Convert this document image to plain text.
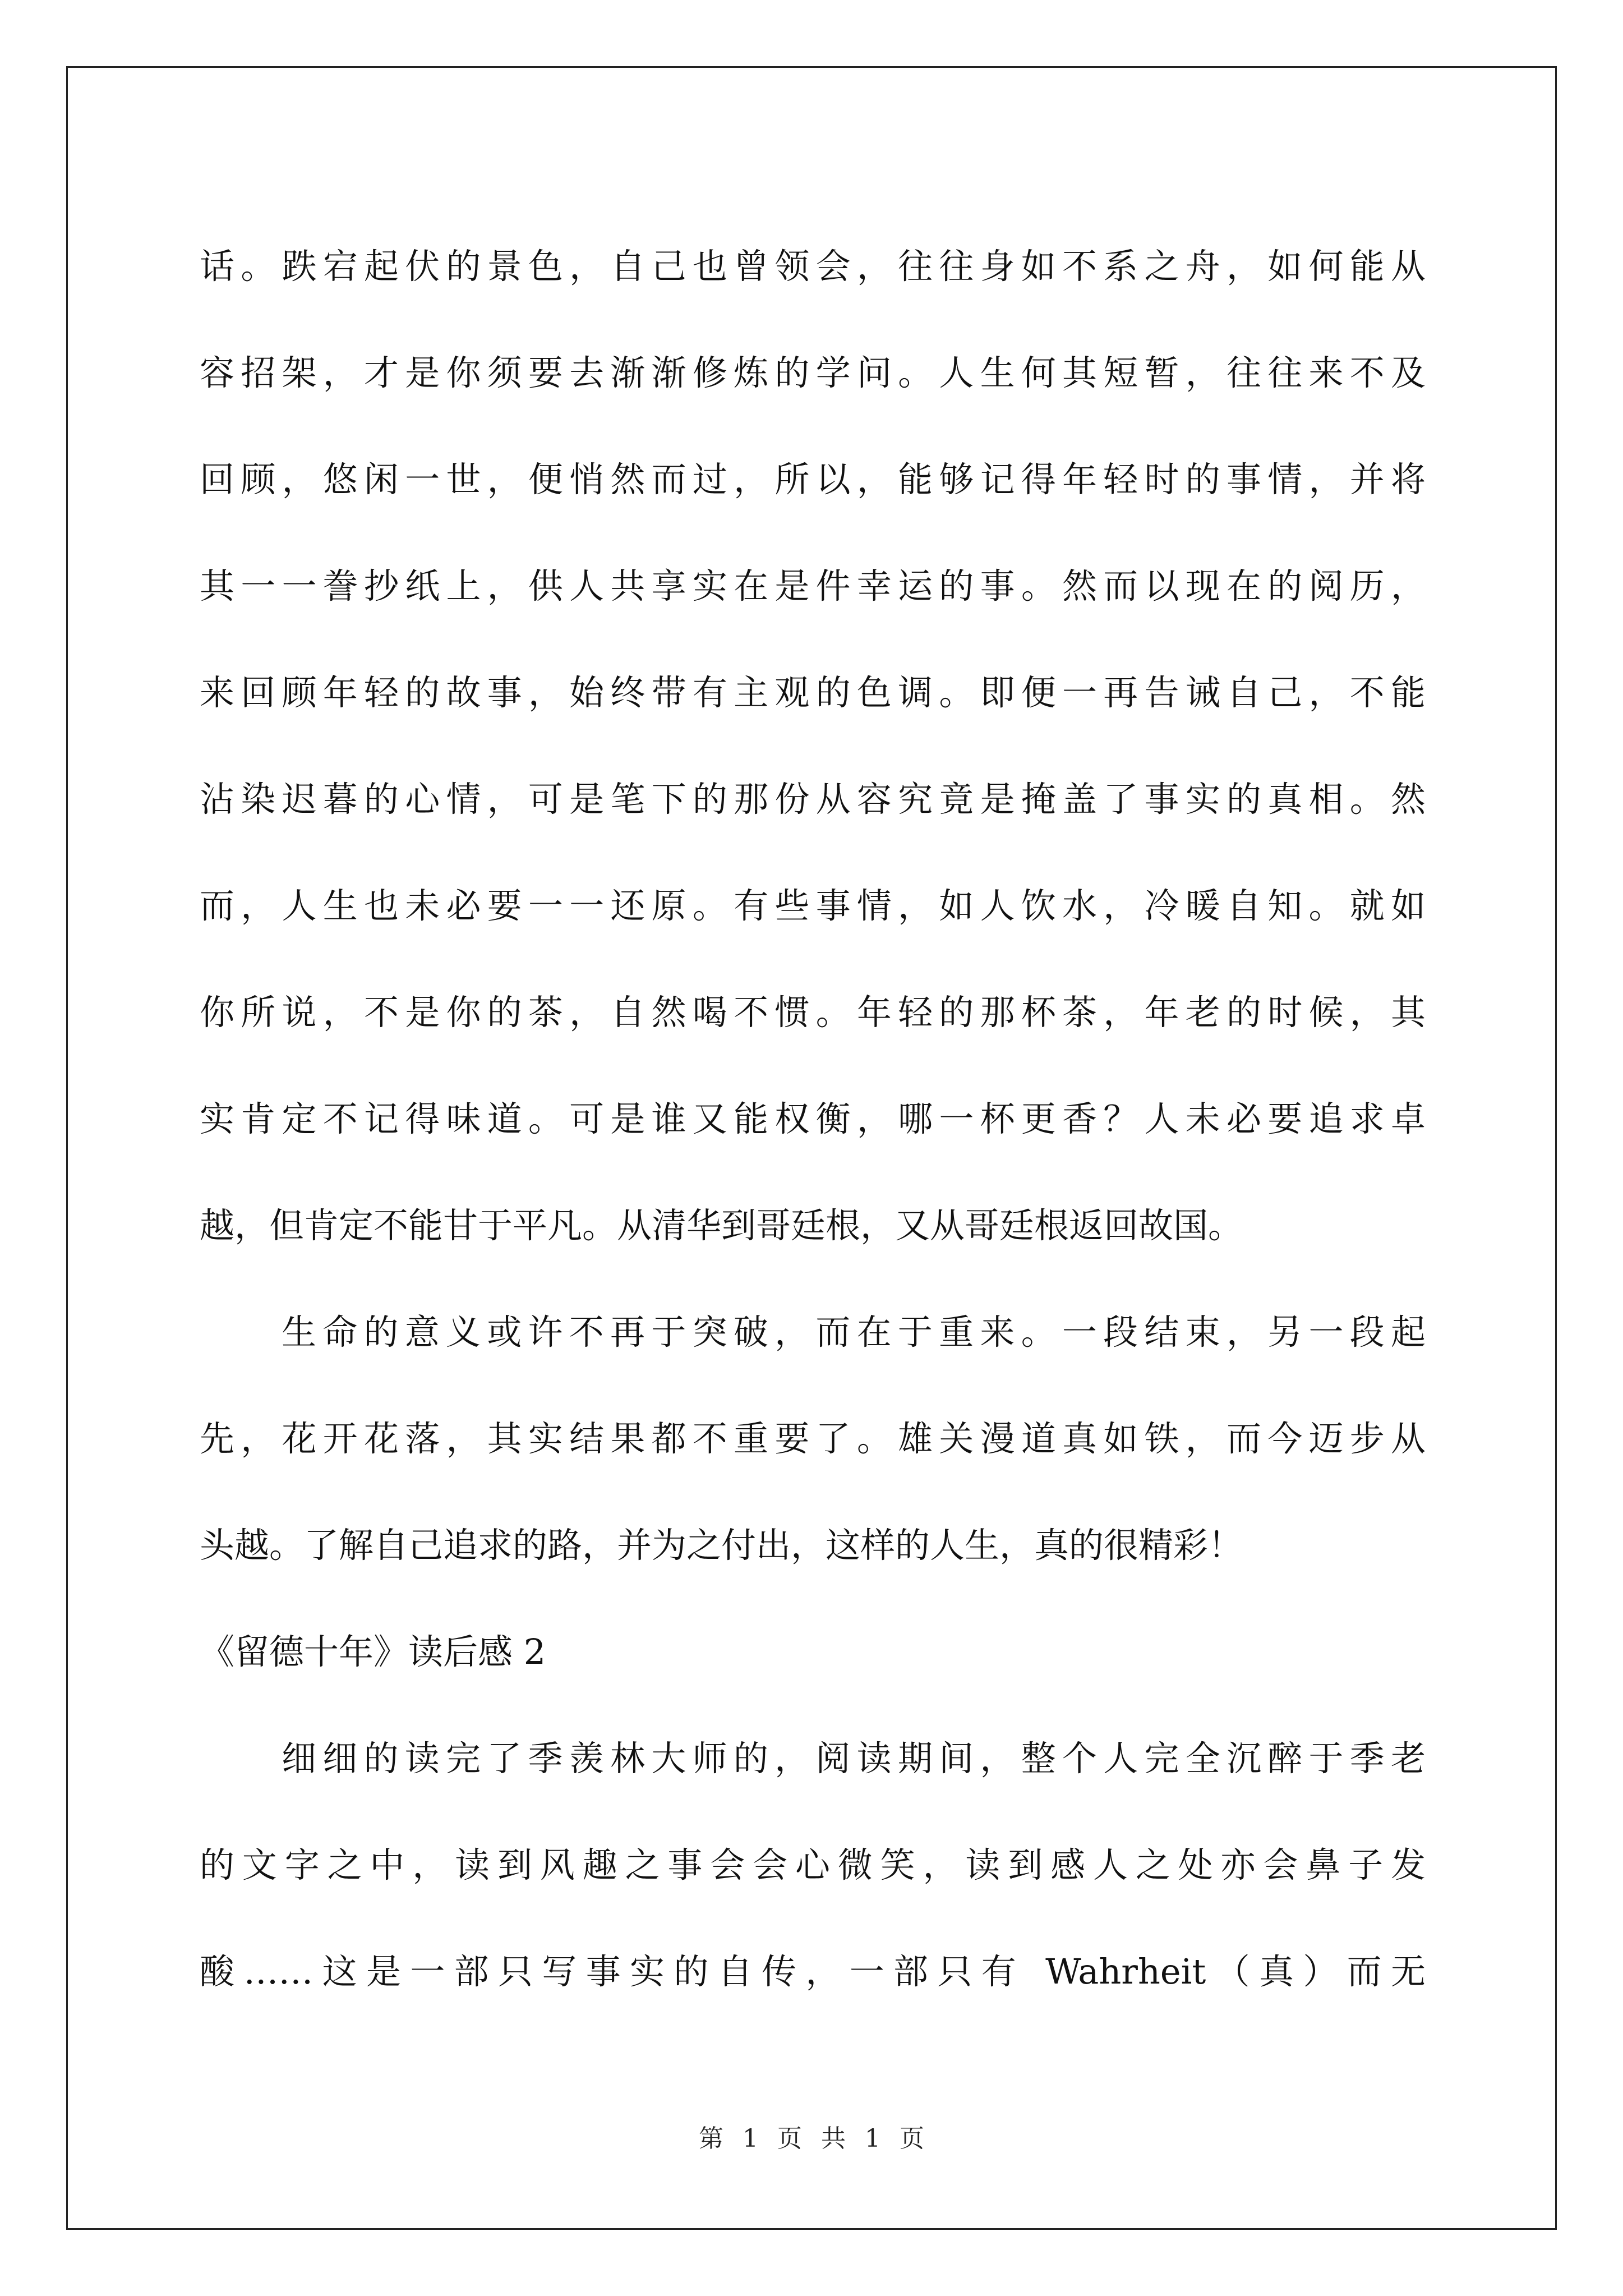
话。跌宕起伏的景色，自己也曾领会，往往身如不系之舟，如何能从
容招架，才是你须要去渐渐修炼的学问。人生何其短暂，往往来不及
回顾，悠闲一世，便悄然而过，所以，能够记得年轻时的事情，并将
其一一誊抄纸上，供人共享实在是件幸运的事。然而以现在的阅历，
来回顾年轻的故事，始终带有主观的色调。即便一再告诫自己，不能
沾染迟暮的心情，可是笔下的那份从容究竟是掩盖了事实的真相。然
而，人生也未必要一一还原。有些事情，如人饮水，冷暖自知。就如
你所说，不是你的茶，自然喝不惯。年轻的那杯茶，年老的时候，其
实肯定不记得味道。可是谁又能权衡，哪一杯更香？人未必要追求卓
越，但肯定不能甘于平凡。从清华到哥廷根，又从哥廷根返回故国。
生命的意义或许不再于突破，而在于重来。一段结束，另一段起
先，花开花落，其实结果都不重要了。雄关漫道真如铁，而今迈步从
头越。了解自己追求的路，并为之付出，这样的人生，真的很精彩！
《留德十年》读后感 2
细细的读完了季羡林大师的，阅读期间，整个人完全沉醉于季老
的文字之中，读到风趣之事会会心微笑，读到感人之处亦会鼻子发
酸……这是一部只写事实的自传，一部只有 Wahrheit（真）而无
第 1 页 共 1 页
